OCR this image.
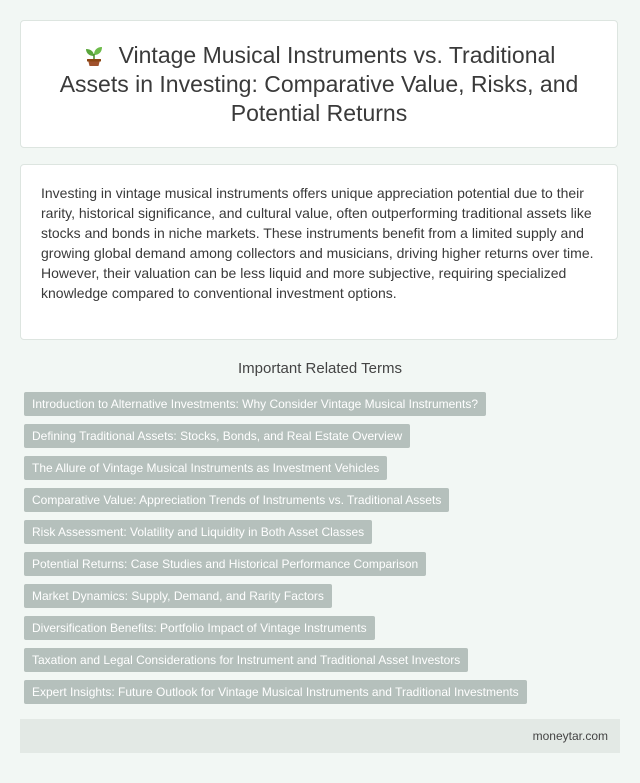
Vintage Musical Instruments vs. Traditional Assets in Investing: Comparative Value, Risks, and Potential Returns

Investing in vintage musical instruments offers unique appreciation potential due to their rarity, historical significance, and cultural value, often outperforming traditional assets like stocks and bonds in niche markets. These instruments benefit from a limited supply and growing global demand among collectors and musicians, driving higher returns over time. However, their valuation can be less liquid and more subjective, requiring specialized knowledge compared to conventional investment options.

Important Related Terms
Introduction to Alternative Investments: Why Consider Vintage Musical Instruments?
Defining Traditional Assets: Stocks, Bonds, and Real Estate Overview
The Allure of Vintage Musical Instruments as Investment Vehicles
Comparative Value: Appreciation Trends of Instruments vs. Traditional Assets
Risk Assessment: Volatility and Liquidity in Both Asset Classes
Potential Returns: Case Studies and Historical Performance Comparison
Market Dynamics: Supply, Demand, and Rarity Factors
Diversification Benefits: Portfolio Impact of Vintage Instruments
Taxation and Legal Considerations for Instrument and Traditional Asset Investors
Expert Insights: Future Outlook for Vintage Musical Instruments and Traditional Investments
moneytar.com
